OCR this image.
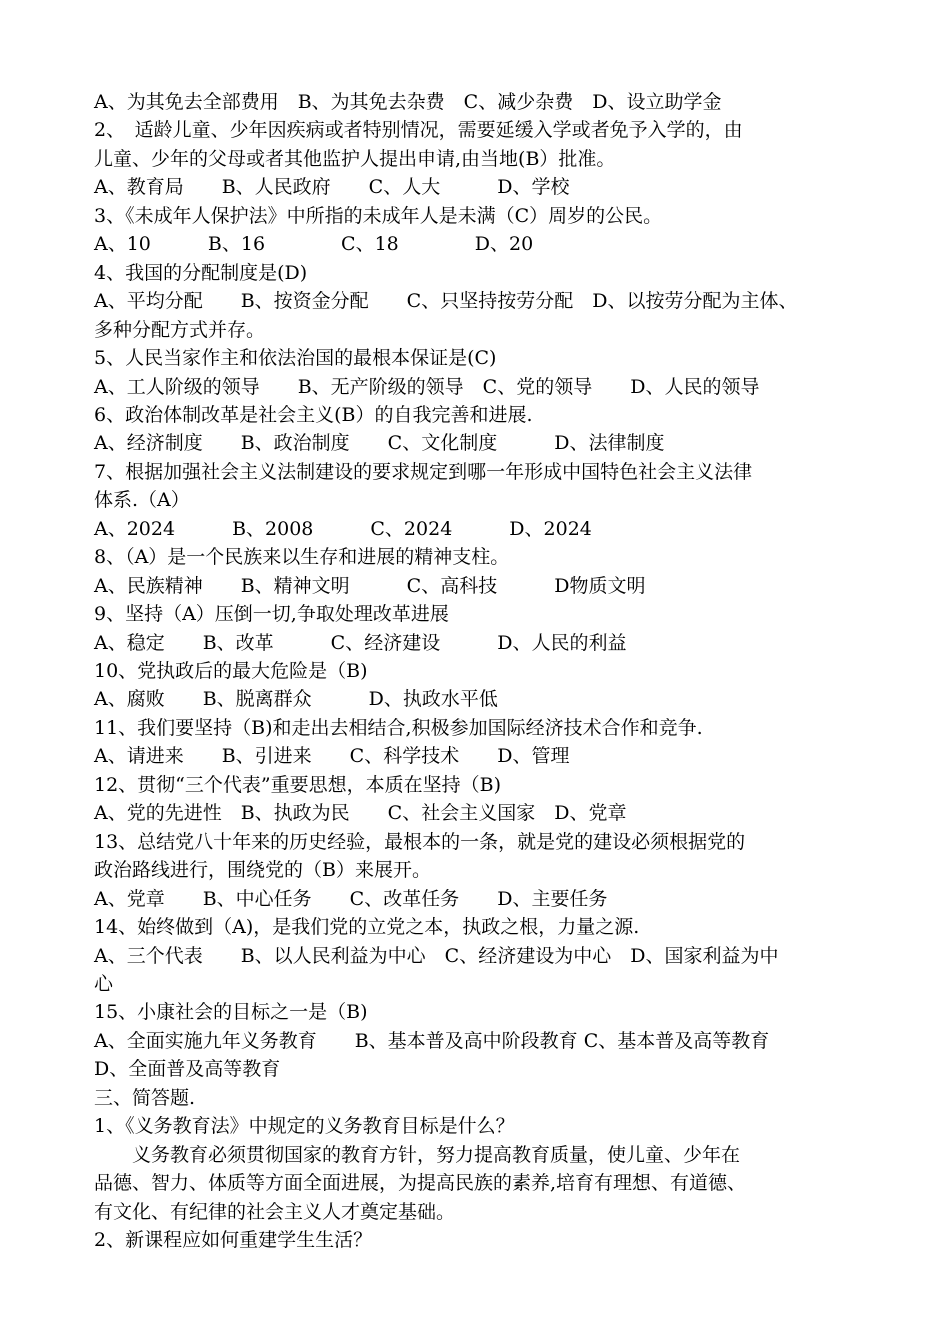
A、为其免去全部费用　B、为其免去杂费　C、减少杂费　D、设立助学金
2、　适龄儿童、少年因疾病或者特别情况，需要延缓入学或者免予入学的，由
儿童、少年的父母或者其他监护人提出申请,由当地(B）批准。
A、教育局　　B、人民政府　　C、人大　　　D、学校
3、《未成年人保护法》中所指的未成年人是未满（C）周岁的公民。
A、10　　　B、16　　　　C、18　　　　D、20
4、我国的分配制度是(D)
A、平均分配　　B、按资金分配　　C、只坚持按劳分配　D、以按劳分配为主体、
多种分配方式并存。
5、人民当家作主和依法治国的最根本保证是(C)
A、工人阶级的领导　　B、无产阶级的领导　C、党的领导　　D、人民的领导
6、政治体制改革是社会主义(B）的自我完善和进展.
A、经济制度　　B、政治制度　　C、文化制度　　　D、法律制度
7、根据加强社会主义法制建设的要求规定到哪一年形成中国特色社会主义法律
体系.（A）
A、2024　　　B、2008　　　C、2024　　　D、2024
8、（A）是一个民族来以生存和进展的精神支柱。
A、民族精神　　B、精神文明　　　C、高科技　　　D物质文明
9、坚持（A）压倒一切,争取处理改革进展
A、稳定　　B、改革　　　C、经济建设　　　D、人民的利益
10、党执政后的最大危险是（B)
A、腐败　　B、脱离群众　　　D、执政水平低
11、我们要坚持（B)和走出去相结合,积极参加国际经济技术合作和竞争.
A、请进来　　B、引进来　　C、科学技术　　D、管理
12、贯彻“三个代表”重要思想，本质在坚持（B)
A、党的先进性　B、执政为民　　C、社会主义国家　D、党章
13、总结党八十年来的历史经验，最根本的一条，就是党的建设必须根据党的
政治路线进行，围绕党的（B）来展开。
A、党章　　B、中心任务　　C、改革任务　　D、主要任务
14、始终做到（A)，是我们党的立党之本，执政之根，力量之源.
A、三个代表　　B、以人民利益为中心　C、经济建设为中心　D、国家利益为中
心
15、小康社会的目标之一是（B)
A、全面实施九年义务教育　　B、基本普及高中阶段教育 C、基本普及高等教育
D、全面普及高等教育
三、简答题.
1、《义务教育法》中规定的义务教育目标是什么？
　　义务教育必须贯彻国家的教育方针，努力提高教育质量，使儿童、少年在
品德、智力、体质等方面全面进展，为提高民族的素养,培育有理想、有道德、
有文化、有纪律的社会主义人才奠定基础。
2、新课程应如何重建学生生活？
